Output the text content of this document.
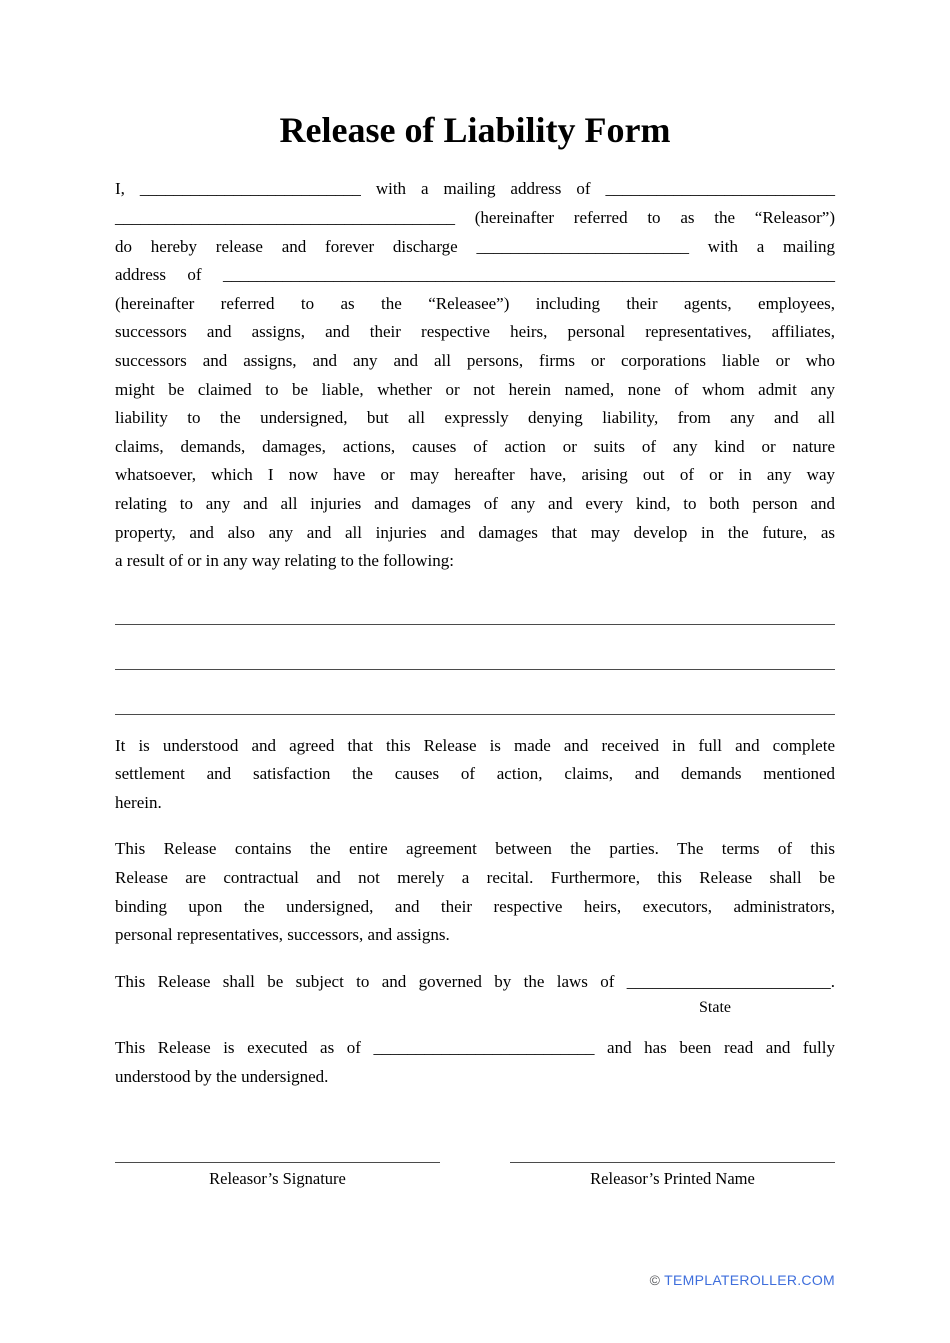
Release of Liability Form
I, __________________________ with a mailing address of ___________________________
________________________________________ (hereinafter referred to as the “Releasor”)
do hereby release and forever discharge _________________________ with a mailing
address of ________________________________________________________________________
(hereinafter referred to as the “Releasee”) including their agents, employees,
successors and assigns, and their respective heirs, personal representatives, affiliates,
successors and assigns, and any and all persons, firms or corporations liable or who
might be claimed to be liable, whether or not herein named, none of whom admit any
liability to the undersigned, but all expressly denying liability, from any and all
claims, demands, damages, actions, causes of action or suits of any kind or nature
whatsoever, which I now have or may hereafter have, arising out of or in any way
relating to any and all injuries and damages of any and every kind, to both person and
property, and also any and all injuries and damages that may develop in the future, as
a result of or in any way relating to the following:
It is understood and agreed that this Release is made and received in full and complete
settlement and satisfaction the causes of action, claims, and demands mentioned
herein.
This Release contains the entire agreement between the parties. The terms of this
Release are contractual and not merely a recital. Furthermore, this Release shall be
binding upon the undersigned, and their respective heirs, executors, administrators,
personal representatives, successors, and assigns.
This Release shall be subject to and governed by the laws of ________________________.
State
This Release is executed as of __________________________ and has been read and fully
understood by the undersigned.
Releasor’s Signature	Releasor’s Printed Name
© TEMPLATEROLLER.COM
